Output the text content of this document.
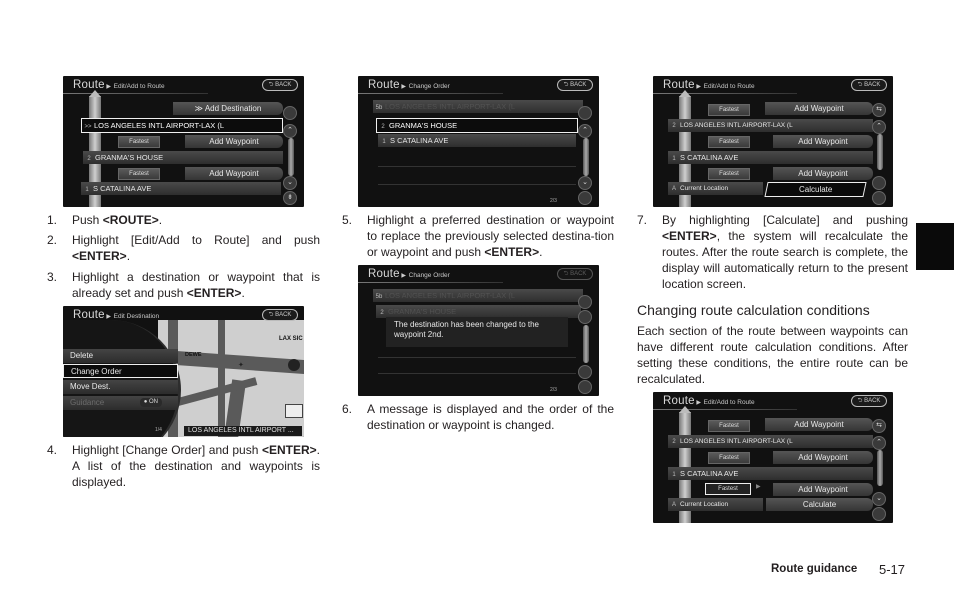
Route ▶ Edit/Add to Route	⮌ BACK
≫ Add Destination
>> LOS ANGELES INTL AIRPORT-LAX (L
Fastest	Add Waypoint
2 GRANMA'S HOUSE
Fastest	Add Waypoint
1 S CATALINA AVE
⌃
⌄
⇟
Route ▶ Change Order	⮌ BACK
5b LOS ANGELES INTL AIRPORT-LAX (L
2 GRANMA'S HOUSE
1 S CATALINA AVE
⌃
⌄
2/3
Route ▶ Edit/Add to Route	⮌ BACK
Fastest	Add Waypoint
2 LOS ANGELES INTL AIRPORT-LAX (L
Fastest	Add Waypoint
1 S CATALINA AVE
Fastest	Add Waypoint
A Current Location	Calculate
⇆
⌃
LAX SIC
DEWE
✦
Route ▶ Edit Destination	⮌ BACK
Delete
Change Order
Move Dest.
Guidance	● ON
1/4	LOS ANGELES INTL AIRPORT ...
Route ▶ Change Order	⮌ BACK
5b LOS ANGELES INTL AIRPORT-LAX (L
2 GRANMA'S HOUSE
The destination has been changed to the waypoint 2nd.
2/3
Route ▶ Edit/Add to Route	⮌ BACK
Fastest	Add Waypoint
2 LOS ANGELES INTL AIRPORT-LAX (L
Fastest	Add Waypoint
1 S CATALINA AVE
Fastest	▶	Add Waypoint
A Current Location	Calculate
⇆
⌃
⌄
1. Push <ROUTE>.
2. Highlight [Edit/Add to Route] and push <ENTER>.
3. Highlight a destination or waypoint that is already set and push <ENTER>.
4. Highlight [Change Order] and push <ENTER>. A list of the destination and waypoints is displayed.
5. Highlight a preferred destination or waypoint to replace the previously selected destina-tion or waypoint and push <ENTER>.
6. A message is displayed and the order of the destination or waypoint is changed.
7. By highlighting [Calculate] and pushing <ENTER>, the system will recalculate the routes. After the route search is complete, the display will automatically return to the present location screen.
Changing route calculation conditions
Each section of the route between waypoints can have different route calculation conditions. After setting these conditions, the entire route can be recalculated.
Route guidance 5-17
